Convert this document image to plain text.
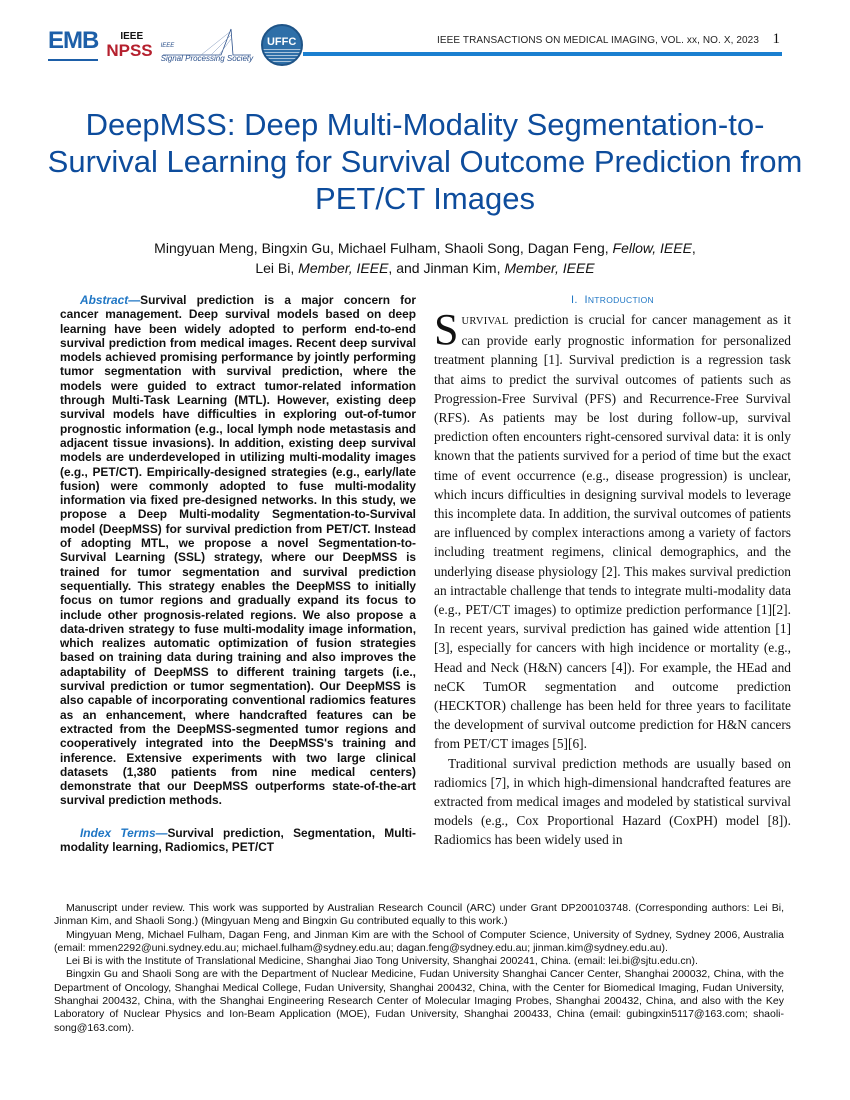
EMB IEEE
NPSS IEEE
Signal Processing Society
UFFC	IEEE TRANSACTIONS ON MEDICAL IMAGING, VOL. xx, NO. X, 2023 1
DeepMSS: Deep Multi-Modality Segmentation-to-Survival Learning for Survival Outcome Prediction from PET/CT Images
Mingyuan Meng, Bingxin Gu, Michael Fulham, Shaoli Song, Dagan Feng, Fellow, IEEE,
Lei Bi, Member, IEEE, and Jinman Kim, Member, IEEE

Abstract—Survival prediction is a major concern for cancer management. Deep survival models based on deep learning have been widely adopted to perform end-to-end survival prediction from medical images. Recent deep survival models achieved promising performance by jointly performing tumor segmentation with survival prediction, where the models were guided to extract tumor-related information through Multi-Task Learning (MTL). However, existing deep survival models have difficulties in exploring out-of-tumor prognostic information (e.g., local lymph node metastasis and adjacent tissue invasions). In addition, existing deep survival models are underdeveloped in utilizing multi-modality images (e.g., PET/CT). Empirically-designed strategies (e.g., early/late fusion) were commonly adopted to fuse multi-modality information via fixed pre-designed networks. In this study, we propose a Deep Multi-modality Segmentation-to-Survival model (DeepMSS) for survival prediction from PET/CT. Instead of adopting MTL, we propose a novel Segmentation-to-Survival Learning (SSL) strategy, where our DeepMSS is trained for tumor segmentation and survival prediction sequentially. This strategy enables the DeepMSS to initially focus on tumor regions and gradually expand its focus to include other prognosis-related regions. We also propose a data-driven strategy to fuse multi-modality image information, which realizes automatic optimization of fusion strategies based on training data during training and also improves the adaptability of DeepMSS to different training targets (i.e., survival prediction or tumor segmentation). Our DeepMSS is also capable of incorporating conventional radiomics features as an enhancement, where handcrafted features can be extracted from the DeepMSS-segmented tumor regions and cooperatively integrated into the DeepMSS's training and inference. Extensive experiments with two large clinical datasets (1,380 patients from nine medical centers) demonstrate that our DeepMSS outperforms state-of-the-art survival prediction methods.

Index Terms—Survival prediction, Segmentation, Multi-modality learning, Radiomics, PET/CT

I. INTRODUCTION

SURVIVAL prediction is crucial for cancer management as it can provide early prognostic information for personalized treatment planning [1]. Survival prediction is a regression task that aims to predict the survival outcomes of patients such as Progression-Free Survival (PFS) and Recurrence-Free Survival (RFS). As patients may be lost during follow-up, survival prediction often encounters right-censored survival data: it is only known that the patients survived for a period of time but the exact time of event occurrence (e.g., disease progression) is unclear, which incurs difficulties in designing survival models to leverage this incomplete data. In addition, the survival outcomes of patients are influenced by complex interactions among a variety of factors including treatment regimens, clinical demographics, and the underlying disease physiology [2]. This makes survival prediction an intractable challenge that tends to integrate multi-modality data (e.g., PET/CT images) to optimize prediction performance [1][2]. In recent years, survival prediction has gained wide attention [1][3], especially for cancers with high incidence or mortality (e.g., Head and Neck (H&N) cancers [4]). For example, the HEad and neCK TumOR segmentation and outcome prediction (HECKTOR) challenge has been held for three years to facilitate the development of survival outcome prediction for H&N cancers from PET/CT images [5][6].

Traditional survival prediction methods are usually based on radiomics [7], in which high-dimensional handcrafted features are extracted from medical images and modeled by statistical survival models (e.g., Cox Proportional Hazard (CoxPH) model [8]). Radiomics has been widely used in

Manuscript under review. This work was supported by Australian Research Council (ARC) under Grant DP200103748. (Corresponding authors: Lei Bi, Jinman Kim, and Shaoli Song.) (Mingyuan Meng and Bingxin Gu contributed equally to this work.)

Mingyuan Meng, Michael Fulham, Dagan Feng, and Jinman Kim are with the School of Computer Science, University of Sydney, Sydney 2006, Australia (email: mmen2292@uni.sydney.edu.au; michael.fulham@sydney.edu.au; dagan.feng@sydney.edu.au; jinman.kim@sydney.edu.au).

Lei Bi is with the Institute of Translational Medicine, Shanghai Jiao Tong University, Shanghai 200241, China. (email: lei.bi@sjtu.edu.cn).

Bingxin Gu and Shaoli Song are with the Department of Nuclear Medicine, Fudan University Shanghai Cancer Center, Shanghai 200032, China, with the Department of Oncology, Shanghai Medical College, Fudan University, Shanghai 200432, China, with the Center for Biomedical Imaging, Fudan University, Shanghai 200432, China, with the Shanghai Engineering Research Center of Molecular Imaging Probes, Shanghai 200432, China, and also with the Key Laboratory of Nuclear Physics and Ion-Beam Application (MOE), Fudan University, Shanghai 200433, China (email: gubingxin5117@163.com; shaoli-song@163.com).
